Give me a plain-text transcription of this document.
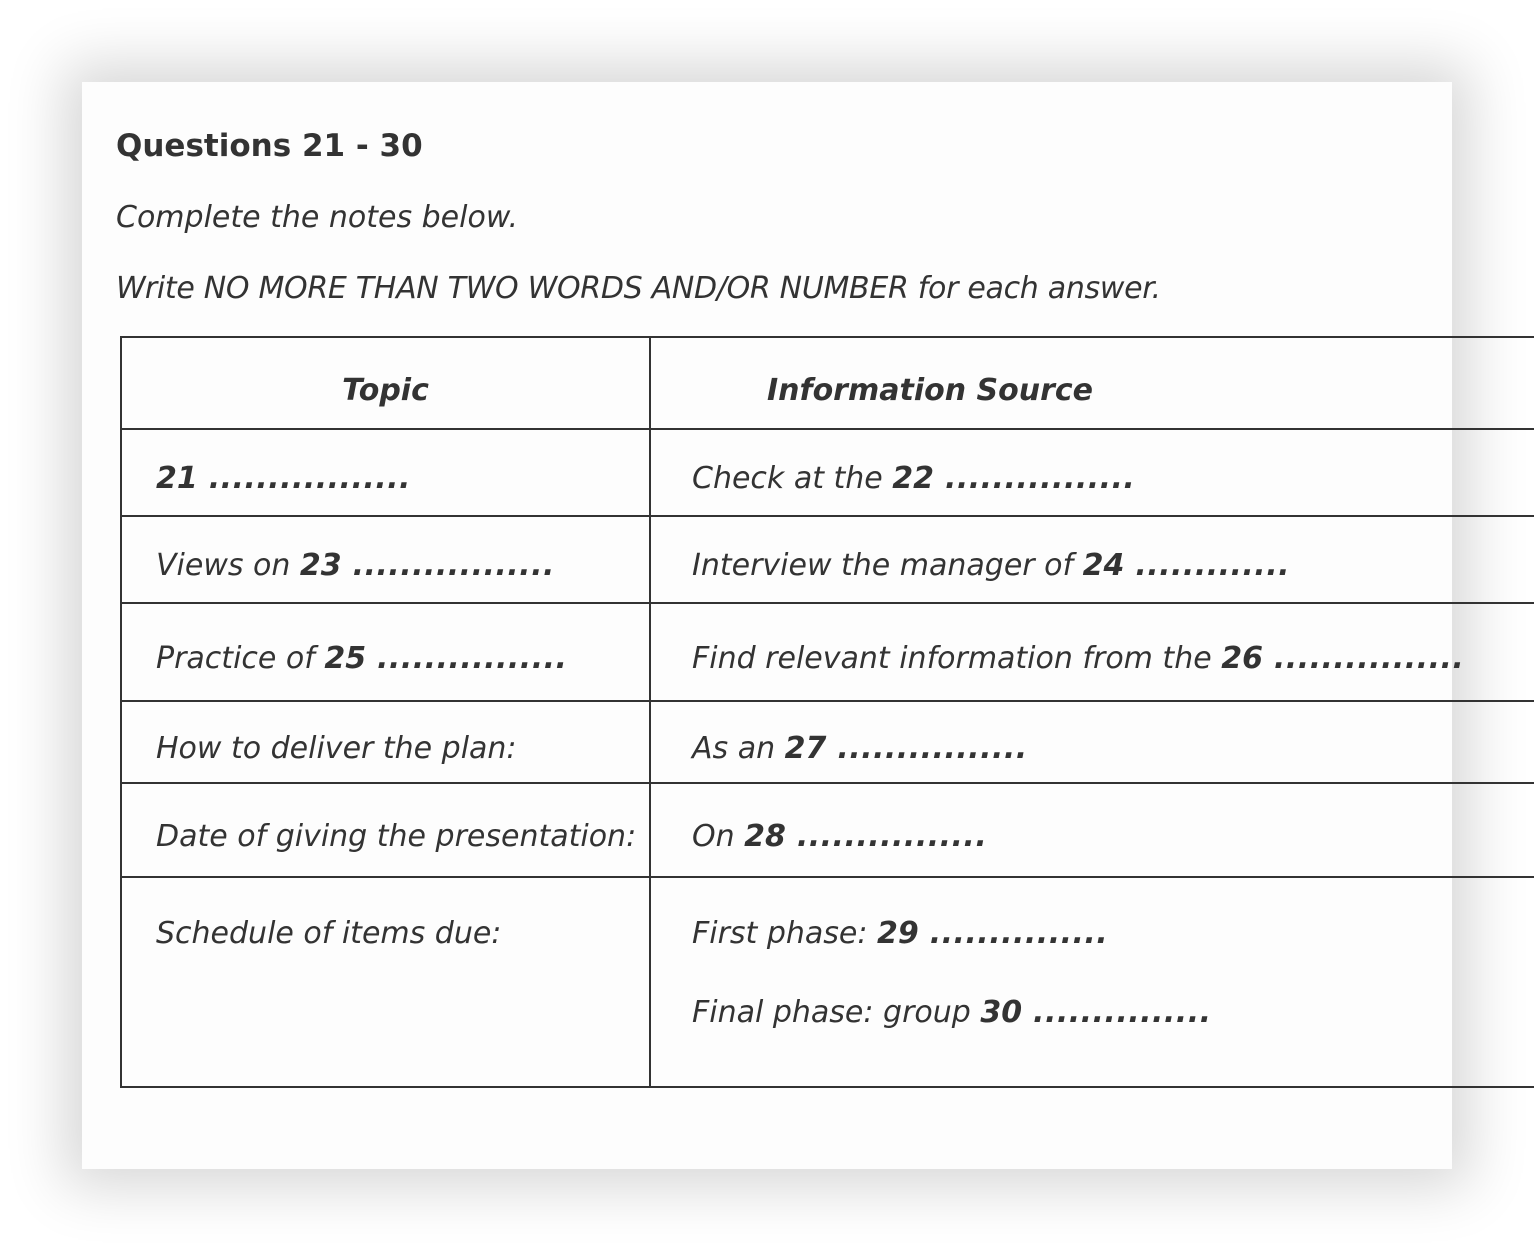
Questions 21 - 30

Complete the notes below.

Write NO MORE THAN TWO WORDS AND/OR NUMBER for each answer.

Topic	Information Source
21 .................	Check at the 22 ................
Views on 23 .................	Interview the manager of 24 .............
Practice of 25 ................	Find relevant information from the 26 ................
How to deliver the plan:	As an 27 ................
Date of giving the presentation:	On 28 ................
Schedule of items due:	First phase: 29 ...............
Final phase: group 30 ...............
